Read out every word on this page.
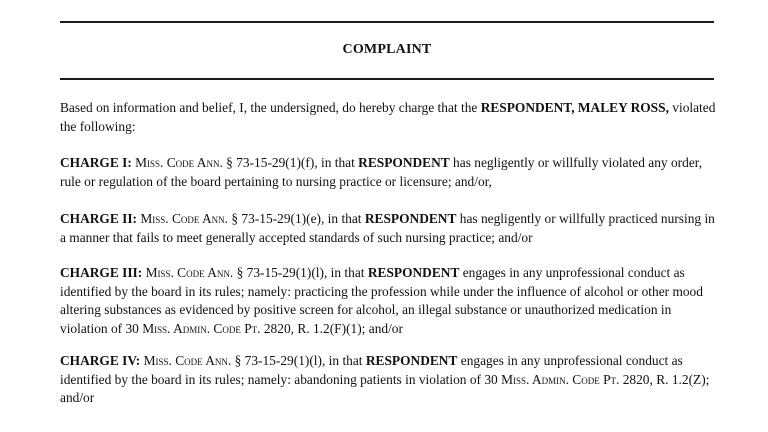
COMPLAINT

Based on information and belief, I, the undersigned, do hereby charge that the RESPONDENT, MALEY ROSS, violated the following:

CHARGE I: Miss. Code Ann. § 73-15-29(1)(f), in that RESPONDENT has negligently or willfully violated any order, rule or regulation of the board pertaining to nursing practice or licensure; and/or,

CHARGE II: Miss. Code Ann. § 73-15-29(1)(e), in that RESPONDENT has negligently or willfully practiced nursing in a manner that fails to meet generally accepted standards of such nursing practice; and/or

CHARGE III: Miss. Code Ann. § 73-15-29(1)(l), in that RESPONDENT engages in any unprofessional conduct as identified by the board in its rules; namely: practicing the profession while under the influence of alcohol or other mood altering substances as evidenced by positive screen for alcohol, an illegal substance or unauthorized medication in violation of 30 Miss. Admin. Code Pt. 2820, R. 1.2(F)(1); and/or

CHARGE IV: Miss. Code Ann. § 73-15-29(1)(l), in that RESPONDENT engages in any unprofessional conduct as identified by the board in its rules; namely: abandoning patients in violation of 30 Miss. Admin. Code Pt. 2820, R. 1.2(Z); and/or
